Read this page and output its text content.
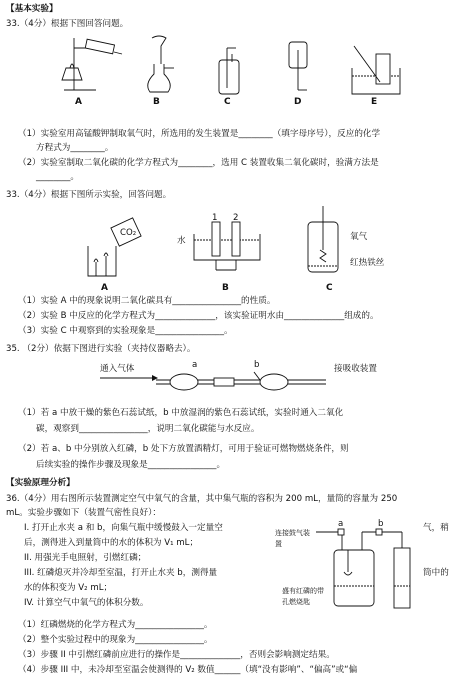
【基本实验】
33.（4分）根据下图回答问题。
A	B	C	D	E
（1）实验室用高锰酸钾制取氧气时，所选用的发生装置是________（填字母序号），反应的化学
方程式为________。
（2）实验室制取二氧化碳的化学方程式为________，选用 C 装置收集二氧化碳时，验满方法是
________。
33.（4分）根据下图所示实验，回答问题。
CO₂
A
1 2
水
B
氧气
红热铁丝
C
（1）实验 A 中的现象说明二氧化碳具有________________的性质。
（2）实验 B 中反应的化学方程式为______________，该实验证明水由______________组成的。
（3）实验 C 中观察到的实验现象是________________。
35. （2分）依据下图进行实验（夹持仪器略去）。
通入气体	a	b	接吸收装置
（1）若 a 中放干燥的紫色石蕊试纸，b 中放湿润的紫色石蕊试纸，实验时通入二氧化
碳，观察到________________，说明二氧化碳能与水反应。
（2）若 a、b 中分别放入红磷，b 处下方放置酒精灯，可用于验证可燃物燃烧条件，则
后续实验的操作步骤及现象是________________。
【实验原理分析】
36.（4分）用右图所示装置测定空气中氧气的含量，其中集气瓶的容积为 200 mL，量筒的容量为 250
mL。实验步骤如下（装置气密性良好）：
I. 打开止水夹 a 和 b，向集气瓶中缓慢鼓入一定量空	气，稍
后，测得进入到量筒中的水的体积为 V₁ mL；
II. 用强光手电照射，引燃红磷；
III. 红磷熄灭并冷却至室温，打开止水夹 b，测得量	筒中的
水的体积变为 V₂ mL；
IV. 计算空气中氧气的体积分数。
a	b
连接鼓气装置
盛有红磷的带孔燃烧匙
（1）红磷燃烧的化学方程式为________________。
（2）整个实验过程中的现象为________________。
（3）步骤 II 中引燃红磷前应进行的操作是______________，否则会影响测定结果。
（4）步骤 III 中，未冷却至室温会使测得的 V₂ 数值______（填“没有影响”、“偏高”或“偏
